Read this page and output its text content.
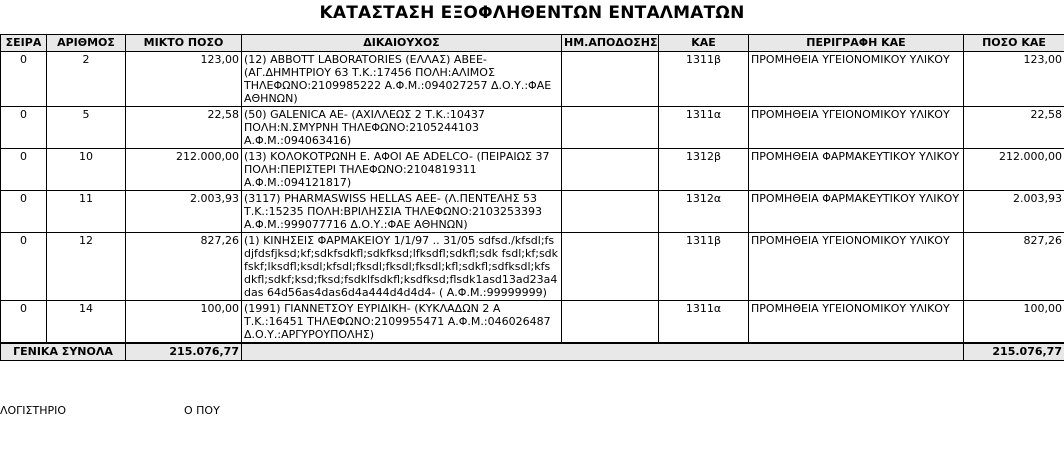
ΚΑΤΑΣΤΑΣΗ ΕΞΟΦΛΗΘΕΝΤΩΝ ΕΝΤΑΛΜΑΤΩΝ
ΣΕΙΡΑ	ΑΡΙΘΜΟΣ	ΜΙΚΤΟ ΠΟΣΟ	ΔΙΚΑΙΟΥΧΟΣ	ΗΜ.ΑΠΟΔΟΣΗΣ	ΚΑΕ	ΠΕΡΙΓΡΑΦΗ ΚΑΕ	ΠΟΣΟ ΚΑΕ
0	2	123,00	(12) ABBOTT LABORATORIES (ΕΛΛΑΣ) ΑΒΕΕ- (ΑΓ.ΔΗΜΗΤΡΙΟΥ 63 Τ.Κ.:17456 ΠΟΛΗ:ΑΛΙΜΟΣ ΤΗΛΕΦΩΝΟ:2109985222 Α.Φ.Μ.:094027257 Δ.Ο.Υ.:ΦΑΕ ΑΘΗΝΩΝ)		1311β	ΠΡΟΜΗΘΕΙΑ ΥΓΕΙΟΝΟΜΙΚΟΥ ΥΛΙΚΟΥ	123,00
0	5	22,58	(50) GALENICA ΑΕ- (ΑΧΙΛΛΕΩΣ 2 Τ.Κ.:10437 ΠΟΛΗ:Ν.ΣΜΥΡΝΗ ΤΗΛΕΦΩΝΟ:2105244103 Α.Φ.Μ.:094063416)		1311α	ΠΡΟΜΗΘΕΙΑ ΥΓΕΙΟΝΟΜΙΚΟΥ ΥΛΙΚΟΥ	22,58
0	10	212.000,00	(13) ΚΟΛΟΚΟΤΡΩΝΗ Ε. ΑΦΟΙ ΑΕ ADELCO- (ΠΕΙΡΑΙΩΣ 37 ΠΟΛΗ:ΠΕΡΙΣΤΕΡΙ ΤΗΛΕΦΩΝΟ:2104819311 Α.Φ.Μ.:094121817)		1312β	ΠΡΟΜΗΘΕΙΑ ΦΑΡΜΑΚΕΥΤΙΚΟΥ ΥΛΙΚΟΥ	212.000,00
0	11	2.003,93	(3117) PHARMASWISS HELLAS ΑΕΕ- (Λ.ΠΕΝΤΕΛΗΣ 53 Τ.Κ.:15235 ΠΟΛΗ:ΒΡΙΛΗΣΣΙΑ ΤΗΛΕΦΩΝΟ:2103253393 Α.Φ.Μ.:999077716 Δ.Ο.Υ.:ΦΑΕ ΑΘΗΝΩΝ)		1312α	ΠΡΟΜΗΘΕΙΑ ΦΑΡΜΑΚΕΥΤΙΚΟΥ ΥΛΙΚΟΥ	2.003,93
0	12	827,26	(1) ΚΙΝΗΣΕΙΣ ΦΑΡΜΑΚΕΙΟΥ 1/1/97 .. 31/05 sdfsd./kfsdl;fsdjfdsfjksd;kf;sdkfsdkfl;sdkfksd;lfksdfl;sdkfl;sdk fsdl;kf;sdkfskf;lksdfl;ksdl;kfsdl;fksdl;fksdl;fksdl;kfl;sdkfl;sdfksdl;kfs dkfl;sdkf;ksd;fksd;fsdklfsdkfl;ksdfksd;flsdk1asd13ad23a4das 64d56as4das6d4a444d4d4d4- ( Α.Φ.Μ.:99999999)		1311β	ΠΡΟΜΗΘΕΙΑ ΥΓΕΙΟΝΟΜΙΚΟΥ ΥΛΙΚΟΥ	827,26
0	14	100,00	(1991) ΓΙΑΝΝΕΤΣΟΥ ΕΥΡΙΔΙΚΗ- (ΚΥΚΛΑΔΩΝ 2 Α Τ.Κ.:16451 ΤΗΛΕΦΩΝΟ:2109955471 Α.Φ.Μ.:046026487 Δ.Ο.Υ.:ΑΡΓΥΡΟΥΠΟΛΗΣ)		1311α	ΠΡΟΜΗΘΕΙΑ ΥΓΕΙΟΝΟΜΙΚΟΥ ΥΛΙΚΟΥ	100,00
ΓΕΝΙΚΑ ΣΥΝΟΛΑ		215.076,77					215.076,77
ΛΟΓΙΣΤΗΡΙΟ	Ο ΠΟΥ
